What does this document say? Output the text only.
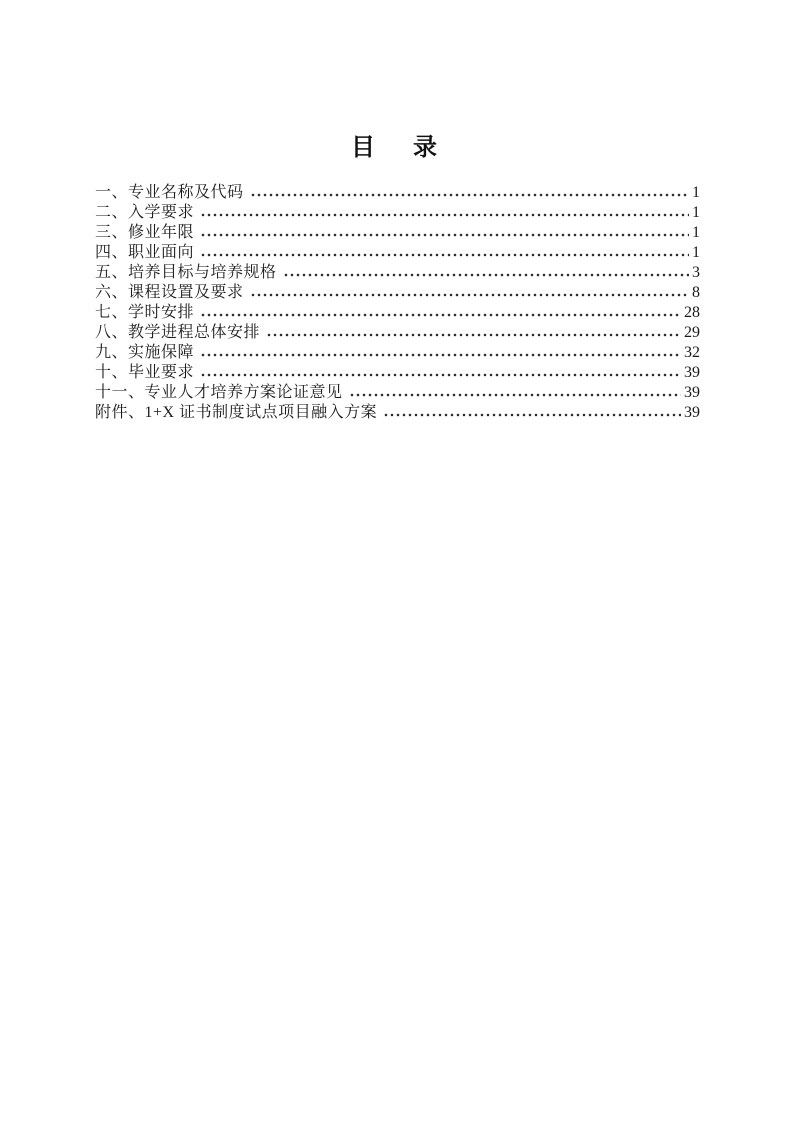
目　录
一、专业名称及代码	1
二、入学要求	1
三、修业年限	1
四、职业面向	1
五、培养目标与培养规格	3
六、课程设置及要求	8
七、学时安排	28
八、教学进程总体安排	29
九、实施保障	32
十、毕业要求	39
十一、专业人才培养方案论证意见	39
附件、1+X 证书制度试点项目融入方案	39
